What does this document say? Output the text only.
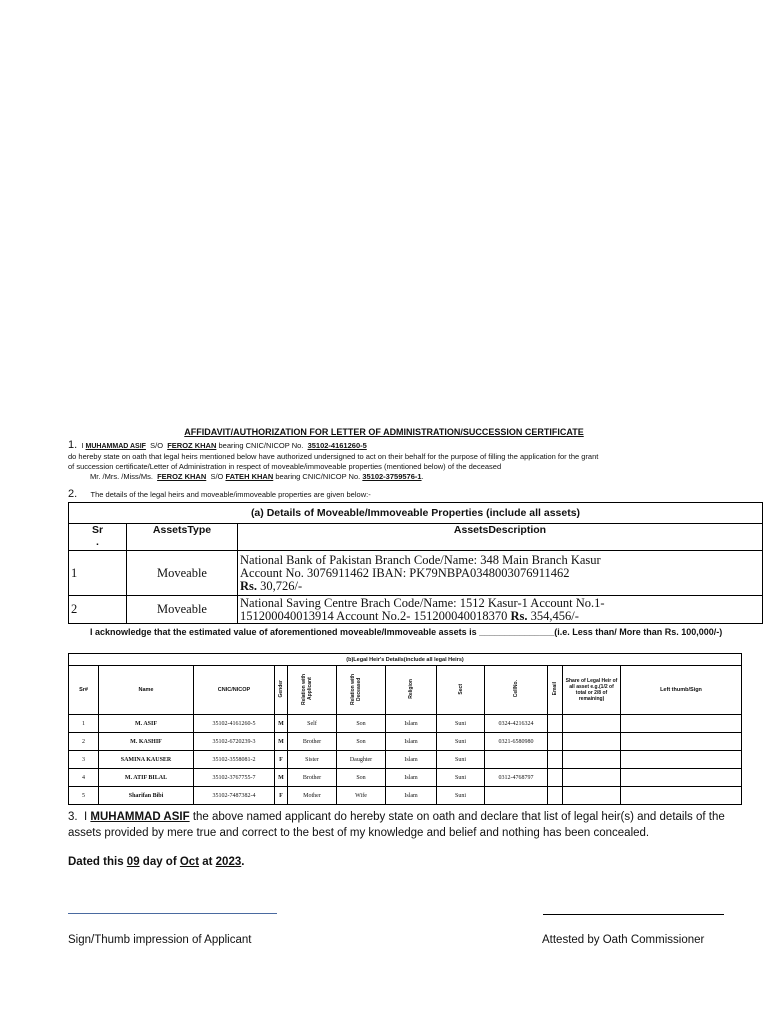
AFFIDAVIT/AUTHORIZATION FOR LETTER OF ADMINISTRATION/SUCCESSION CERTIFICATE
1. I MUHAMMAD ASIF S/O FEROZ KHAN bearing CNIC/NICOP No. 35102-4161260-5
do hereby state on oath that legal heirs mentioned below have authorized undersigned to act on their behalf for the purpose of filling the application for the grant
of succession certificate/Letter of Administration in respect of moveable/immoveable properties (mentioned below) of the deceased
Mr. /Mrs. /Miss/Ms. FEROZ KHAN S/O FATEH KHAN bearing CNIC/NICOP No. 35102-3759576-1.
2. The details of the legal heirs and moveable/immoveable properties are given below:-
(a) Details of Moveable/Immoveable Properties (include all assets)		
Sr
.	AssetsType	AssetsDescription
1	Moveable	National Bank of Pakistan Branch Code/Name: 348 Main Branch Kasur
Account No. 3076911462 IBAN: PK79NBPA0348003076911462
Rs. 30,726/-

2	Moveable	National Saving Centre Brach Code/Name: 1512 Kasur-1 Account No.1-
151200040013914 Account No.2- 151200040018370 Rs. 354,456/-
I acknowledge that the estimated value of aforementioned moveable/Immoveable assets is _______________(i.e. Less than/ More than Rs. 100,000/-)
(b)Legal Heir's Details(include all legal Heirs)											
Sr#	Name	CNIC/NICOP	Gender	Relation with Applicant	Relation with Deceased	Religion	Sect	CellNo.	Email	Share of Legal Heir of all asset e.g.(1/2 of total or 2/8 of remaining)	Left thumb/Sign
1	M. ASIF	35102-4161260-5	M	Self	Son	Islam	Suni	0324-4216324			
2	M. KASHIF	35102-6720239-3	M	Brother	Son	Islam	Suni	0321-6580980			
3	SAMINA KAUSER	35102-3558081-2	F	Sister	Daughter	Islam	Suni				
4	M. ATIF BILAL	35102-3767755-7	M	Brother	Son	Islam	Suni	0312-4768797			
5	Sharifan Bibi	35102-7487382-4	F	Mother	Wife	Islam	Suni				
3. I MUHAMMAD ASIF the above named applicant do hereby state on oath and declare that list of legal heir(s) and details of the assets provided by mere true and correct to the best of my knowledge and belief and nothing has been concealed.
Dated this 09 day of Oct at 2023.
Sign/Thumb impression of Applicant	Attested by Oath Commissioner
